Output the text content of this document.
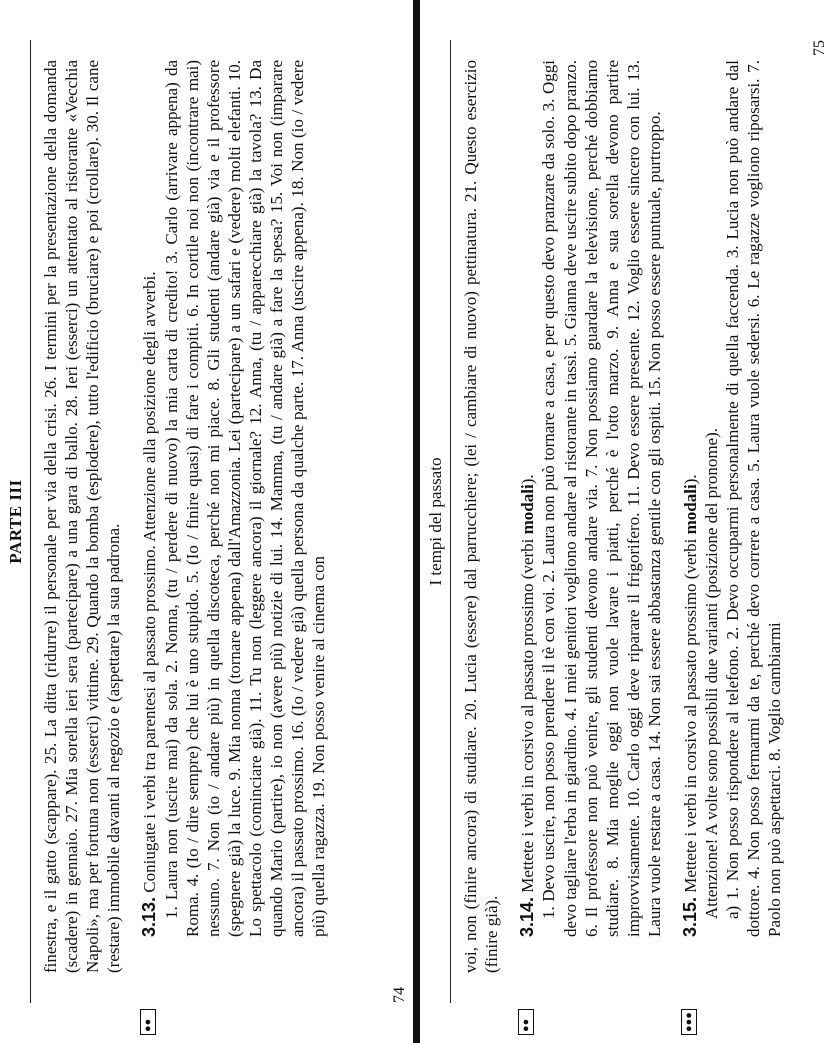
PARTE III finestra, e il gatto (scappare). 25. La ditta (ridurre) il personale per via della crisi. 26. I termini per la presentazione della domanda (scadere) in gennaio. 27. Mia sorella ieri sera (partecipare) a una gara di ballo. 28. Ieri (esserci) un attentato al ristorante «Vecchia Napoli», ma per fortuna non (esserci) vittime. 29. Quando la bomba (esplodere), tutto l'edificio (bruciare) e poi (crollare). 30. Il cane (restare) immobile davanti al negozio e (aspettare) la sua padrona.

●●
3.13. Coniugate i verbi tra parentesi al passato prossimo. Attenzione alla posizione degli avverbi. 1. Laura non (uscire mai) da sola. 2. Nonna, (tu / perdere di nuovo) la mia carta di credito! 3. Carlo (arrivare appena) da Roma. 4. (Io / dire sempre) che lui è uno stupido. 5. (Io / finire quasi) di fare i compiti. 6. In cortile noi non (incontrare mai) nessuno. 7. Non (io / andare più) in quella discoteca, perché non mi piace. 8. Gli studenti (andare già) via e il professore (spegnere già) la luce. 9. Mia nonna (tornare appena) dall'Amazzonia. Lei (partecipare) a un safari e (vedere) molti elefanti. 10. Lo spettacolo (cominciare già). 11. Tu non (leggere ancora) il giornale? 12. Anna, (tu / apparecchiare già) la tavola? 13. Da quando Mario (partire), io non (avere più) notizie di lui. 14. Mamma, (tu / andare già) a fare la spesa? 15. Voi non (imparare ancora) il passato prossimo. 16. (Io / vedere già) quella persona da qualche parte. 17. Anna (uscire appena). 18. Non (io / vedere più) quella ragazza. 19. Non posso venire al cinema con

74
I tempi del passato voi, non (finire ancora) di studiare. 20. Lucia (essere) dal parrucchiere; (lei / cambiare di nuovo) pettinatura. 21. Questo esercizio (finire già).

●●
3.14. Mettete i verbi in corsivo al passato prossimo (verbi modali). 1. Devo uscire, non posso prendere il tè con voi. 2. Laura non può tornare a casa, e per questo devo pranzare da solo. 3. Oggi devo tagliare l'erba in giardino. 4. I miei genitori vogliono andare al ristorante in tassì. 5. Gianna deve uscire subito dopo pranzo. 6. Il professore non può venire, gli studenti devono andare via. 7. Non possiamo guardare la televisione, perché dobbiamo studiare. 8. Mia moglie oggi non vuole lavare i piatti, perché è l'otto marzo. 9. Anna e sua sorella devono partire improvvisamente. 10. Carlo oggi deve riparare il frigorifero. 11. Devo essere presente. 12. Voglio essere sincero con lui. 13. Laura vuole restare a casa. 14. Non sai essere abbastanza gentile con gli ospiti. 15. Non posso essere puntuale, purtroppo.

●●●
3.15. Mettete i verbi in corsivo al passato prossimo (verbi modali). Attenzione! A volte sono possibili due varianti (posizione del pronome). a) 1. Non posso rispondere al telefono. 2. Devo occuparmi personalmente di quella faccenda. 3. Lucia non può andare dal dottore. 4. Non posso fermarmi da te, perché devo correre a casa. 5. Laura vuole sedersi. 6. Le ragazze vogliono riposarsi. 7. Paolo non può aspettarci. 8. Voglio cambiarmi

75
